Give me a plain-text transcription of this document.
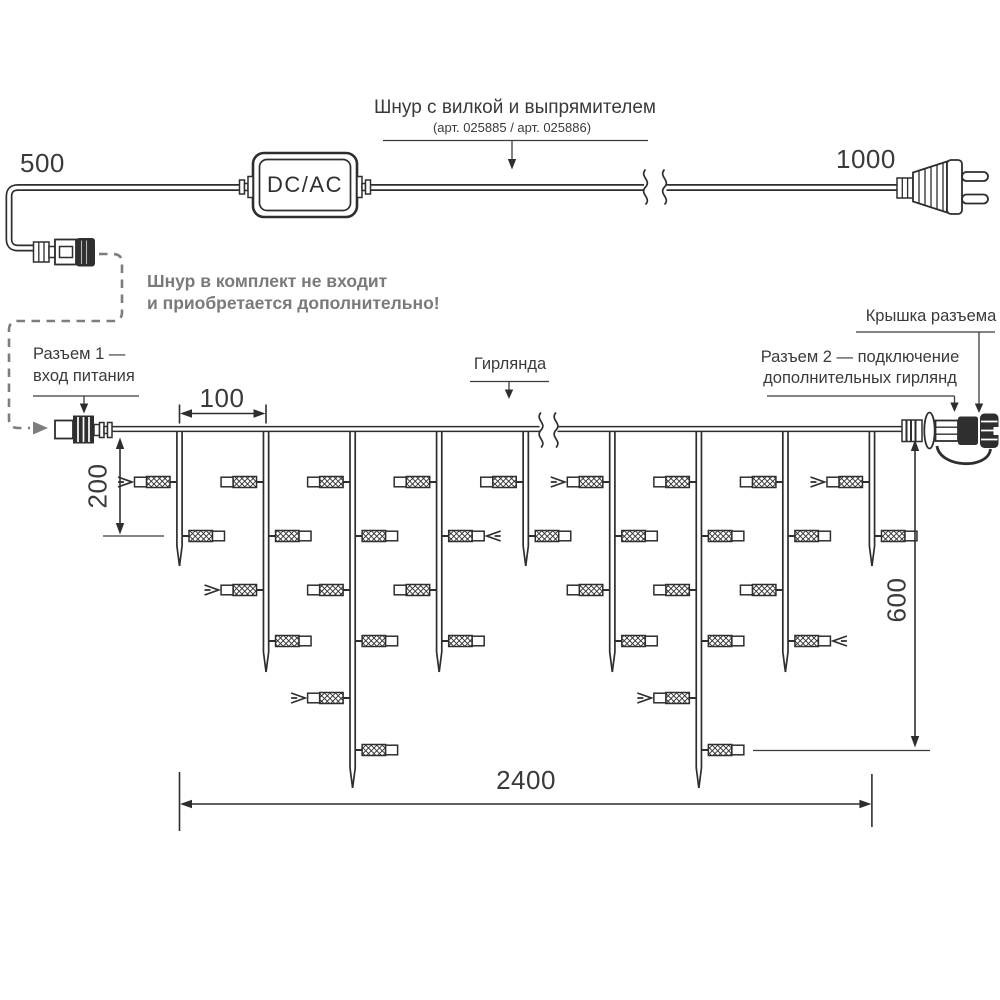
Шнур с вилкой и выпрямителем
(арт. 025885 / арт. 025886)
500	1000
DC/AC
Шнур в комплект не входит
и приобретается дополнительно!
Разъем 1 —
вход питания
100
Гирлянда	Разъем 2 — подключение
дополнительных гирлянд
Крышка разъема
200
600
2400
